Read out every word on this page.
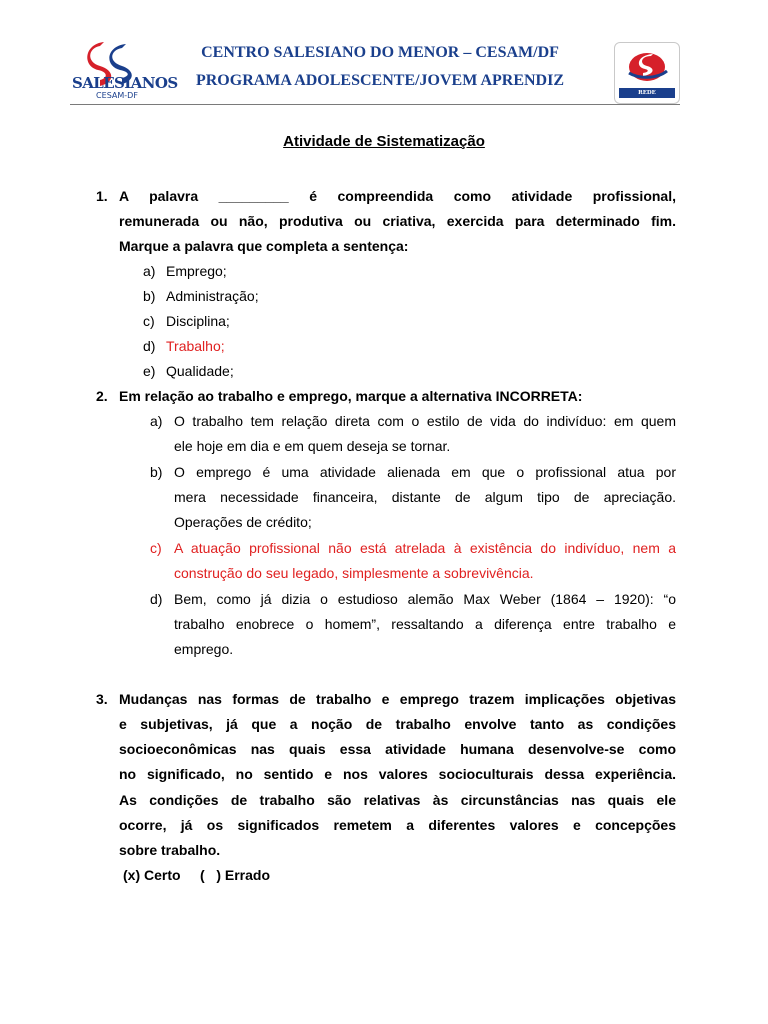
SALESIANOS
CESAM-DF
CENTRO SALESIANO DO MENOR – CESAM/DF
PROGRAMA ADOLESCENTE/JOVEM APRENDIZ
REDE SALESIANA
Atividade de Sistematização
1. A palavra _________ é compreendida como atividade profissional,
remunerada ou não, produtiva ou criativa, exercida para determinado fim.
Marque a palavra que completa a sentença:
a) Emprego;
b) Administração;
c) Disciplina;
d) Trabalho;
e) Qualidade;
2. Em relação ao trabalho e emprego, marque a alternativa INCORRETA:
a) O trabalho tem relação direta com o estilo de vida do indivíduo: em quem
ele hoje em dia e em quem deseja se tornar.
b) O emprego é uma atividade alienada em que o profissional atua por
mera necessidade financeira, distante de algum tipo de apreciação.
Operações de crédito;
c) A atuação profissional não está atrelada à existência do indivíduo, nem a
construção do seu legado, simplesmente a sobrevivência.
d) Bem, como já dizia o estudioso alemão Max Weber (1864 – 1920): “o
trabalho enobrece o homem”, ressaltando a diferença entre trabalho e
emprego.
3. Mudanças nas formas de trabalho e emprego trazem implicações objetivas
e subjetivas, já que a noção de trabalho envolve tanto as condições
socioeconômicas nas quais essa atividade humana desenvolve-se como
no significado, no sentido e nos valores socioculturais dessa experiência.
As condições de trabalho são relativas às circunstâncias nas quais ele
ocorre, já os significados remetem a diferentes valores e concepções
sobre trabalho.
(x) Certo     (   ) Errado
